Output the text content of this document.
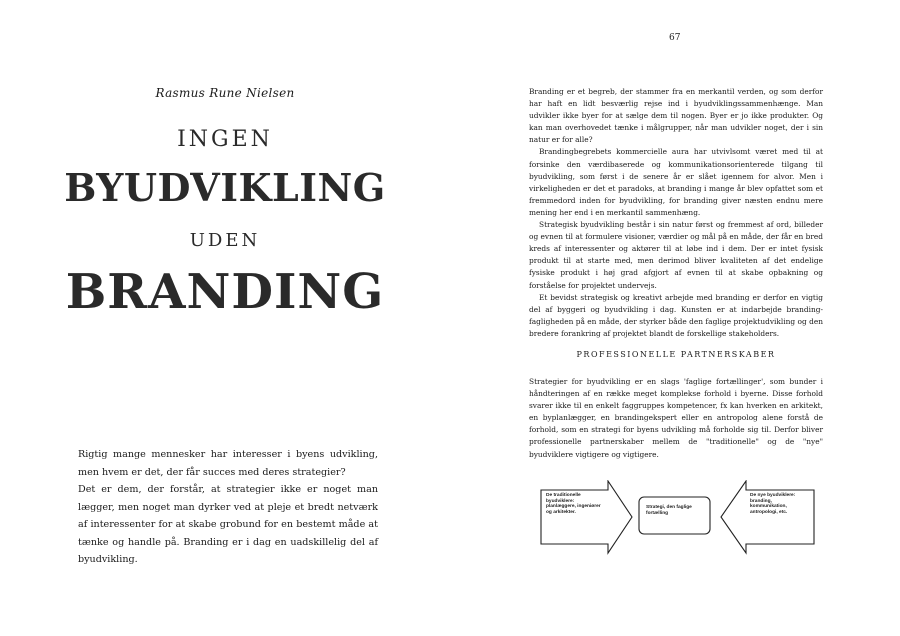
Rasmus Rune Nielsen
INGEN
BYUDVIKLING
UDEN
BRANDING

Rigtig mange mennesker har interesser i byens udvikling, men hvem er det, der får succes med deres strategier?

Det er dem, der forstår, at strategier ikke er noget man lægger, men noget man dyrker ved at pleje et bredt netværk af interessenter for at skabe grobund for en bestemt måde at tænke og handle på. Branding er i dag en uadskillelig del af byudvikling.

67

Branding er et begreb, der stammer fra en merkantil verden, og som derfor har haft en lidt besværlig rejse ind i byudviklingssammenhænge. Man udvikler ikke byer for at sælge dem til nogen. Byer er jo ikke produkter. Og kan man overhovedet tænke i målgrupper, når man udvikler noget, der i sin natur er for alle?

Brandingbegrebets kommercielle aura har utvivlsomt været med til at forsinke den værdibaserede og kommunikationsorienterede tilgang til byudvikling, som først i de senere år er slået igennem for alvor. Men i virkeligheden er det et paradoks, at branding i mange år blev opfattet som et fremmedord inden for byudvikling, for branding giver næsten endnu mere mening her end i en merkantil sammenhæng.

Strategisk byudvikling består i sin natur først og fremmest af ord, billeder og evnen til at formulere visioner, værdier og mål på en måde, der får en bred kreds af interessenter og aktører til at løbe ind i dem. Der er intet fysisk produkt til at starte med, men derimod bliver kvaliteten af det endelige fysiske produkt i høj grad afgjort af evnen til at skabe opbakning og forståelse for projektet undervejs.

Et bevidst strategisk og kreativt arbejde med branding er derfor en vigtig del af byggeri og byudvikling i dag. Kunsten er at indarbejde branding-fagligheden på en måde, der styrker både den faglige projektudvikling og den bredere forankring af projektet blandt de forskellige stakeholders.

PROFESSIONELLE PARTNERSKABER

Strategier for byudvikling er en slags 'faglige fortællinger', som bunder i håndteringen af en række meget komplekse forhold i byerne. Disse forhold svarer ikke til en enkelt faggruppes kompetencer, fx kan hverken en arkitekt, en byplanlægger, en brandingekspert eller en antropolog alene forstå de forhold, som en strategi for byens udvikling må forholde sig til. Derfor bliver professionelle partnerskaber mellem de "traditionelle" og de "nye" byudviklere vigtigere og vigtigere.

De traditionelle byudviklere: planlæggere, ingeniører og arkitekter.
Strategi, den faglige fortælling
De nye byudviklere: branding, kommunikation, antropologi, etc.
